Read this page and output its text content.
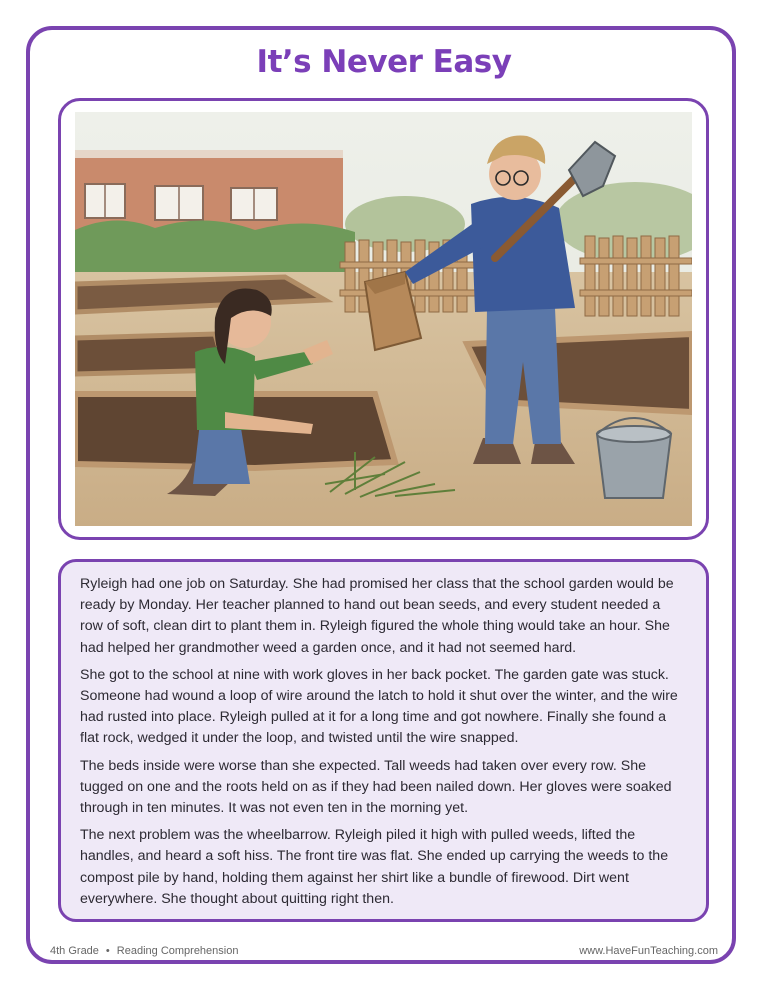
It’s Never Easy

Ryleigh had one job on Saturday. She had promised her class that the school garden would be ready by Monday. Her teacher planned to hand out bean seeds, and every student needed a row of soft, clean dirt to plant them in. Ryleigh figured the whole thing would take an hour. She had helped her grandmother weed a garden once, and it had not seemed hard.

She got to the school at nine with work gloves in her back pocket. The garden gate was stuck. Someone had wound a loop of wire around the latch to hold it shut over the winter, and the wire had rusted into place. Ryleigh pulled at it for a long time and got nowhere. Finally she found a flat rock, wedged it under the loop, and twisted until the wire snapped.

The beds inside were worse than she expected. Tall weeds had taken over every row. She tugged on one and the roots held on as if they had been nailed down. Her gloves were soaked through in ten minutes. It was not even ten in the morning yet.

The next problem was the wheelbarrow. Ryleigh piled it high with pulled weeds, lifted the handles, and heard a soft hiss. The front tire was flat. She ended up carrying the weeds to the compost pile by hand, holding them against her shirt like a bundle of firewood. Dirt went everywhere. She thought about quitting right then.

4th Grade • Reading Comprehension	www.HaveFunTeaching.com
